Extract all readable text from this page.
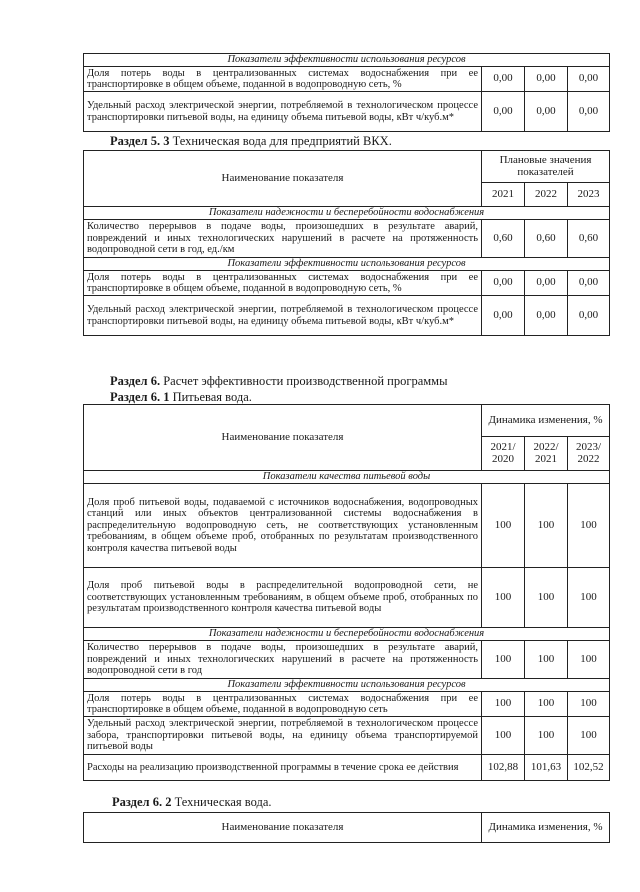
Показатели эффективности использования ресурсов			
Доля потерь воды в централизованных системах водоснабжения при ее транспортировке в общем объеме, поданной в водопроводную сеть, %	0,00	0,00	0,00
Удельный расход электрической энергии, потребляемой в технологическом процессе транспортировки питьевой воды, на единицу объема питьевой воды, кВт ч/куб.м*	0,00	0,00	0,00
Раздел 5. 3 Техническая вода для предприятий ВКХ.
Наименование показателя	Плановые значения показателей		
	2021	2022	2023
Показатели надежности и бесперебойности водоснабжения			
Количество перерывов в подаче воды, произошедших в результате аварий, повреждений и иных технологических нарушений в расчете на протяженность водопроводной сети в год, ед./км	0,60	0,60	0,60
Показатели эффективности использования ресурсов			
Доля потерь воды в централизованных системах водоснабжения при ее транспортировке в общем объеме, поданной в водопроводную сеть, %	0,00	0,00	0,00
Удельный расход электрической энергии, потребляемой в технологическом процессе транспортировки питьевой воды, на единицу объема питьевой воды, кВт ч/куб.м*	0,00	0,00	0,00
Раздел 6. Расчет эффективности производственной программы
Раздел 6. 1 Питьевая вода.
Наименование показателя	Динамика изменения, %		
	2021/ 2020	2022/ 2021	2023/ 2022
Показатели качества питьевой воды			
Доля проб питьевой воды, подаваемой с источников водоснабжения, водопроводных станций или иных объектов централизованной системы водоснабжения в распределительную водопроводную сеть, не соответствующих установленным требованиям, в общем объеме проб, отобранных по результатам производственного контроля качества питьевой воды	100	100	100
Доля проб питьевой воды в распределительной водопроводной сети, не соответствующих установленным требованиям, в общем объеме проб, отобранных по результатам производственного контроля качества питьевой воды	100	100	100
Показатели надежности и бесперебойности водоснабжения			
Количество перерывов в подаче воды, произошедших в результате аварий, повреждений и иных технологических нарушений в расчете на протяженность водопроводной сети в год	100	100	100
Показатели эффективности использования ресурсов			
Доля потерь воды в централизованных системах водоснабжения при ее транспортировке в общем объеме, поданной в водопроводную сеть	100	100	100
Удельный расход электрической энергии, потребляемой в технологическом процессе забора, транспортировки питьевой воды, на единицу объема транспортируемой питьевой воды	100	100	100
Расходы на реализацию производственной программы в течение срока ее действия	102,88	101,63	102,52
Раздел 6. 2 Техническая вода.
Наименование показателя	Динамика изменения, %
